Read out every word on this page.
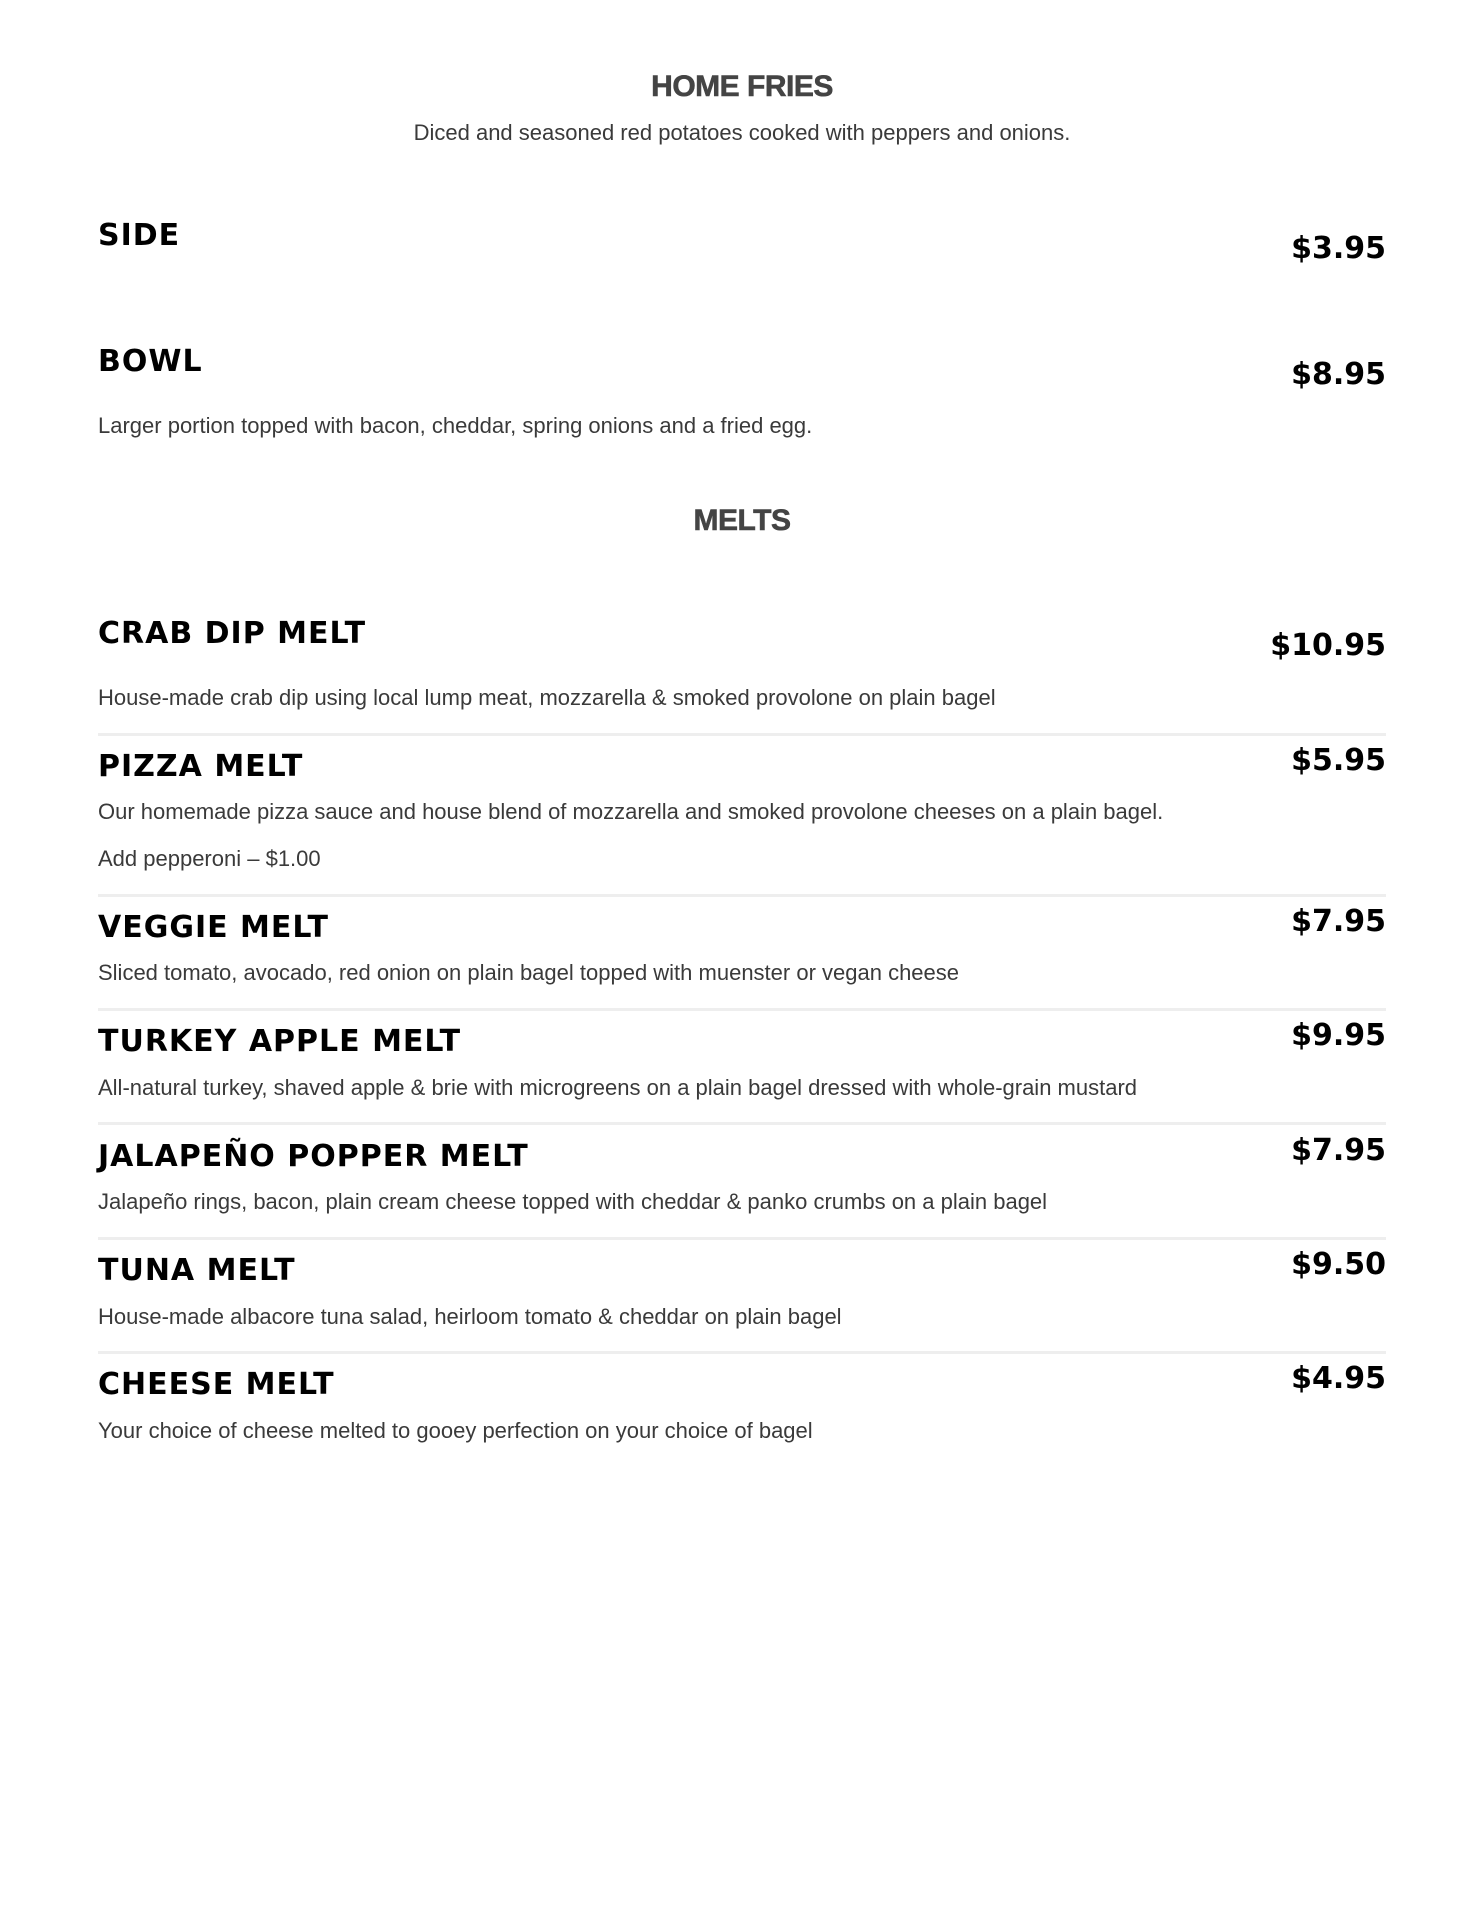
HOME FRIES
Diced and seasoned red potatoes cooked with peppers and onions.
SIDE	$3.95
BOWL	$8.95
Larger portion topped with bacon, cheddar, spring onions and a fried egg.
MELTS
CRAB DIP MELT	$10.95
House-made crab dip using local lump meat, mozzarella & smoked provolone on plain bagel
PIZZA MELT	$5.95
Our homemade pizza sauce and house blend of mozzarella and smoked provolone cheeses on a plain bagel.
Add pepperoni – $1.00
VEGGIE MELT	$7.95
Sliced tomato, avocado, red onion on plain bagel topped with muenster or vegan cheese
TURKEY APPLE MELT	$9.95
All-natural turkey, shaved apple & brie with microgreens on a plain bagel dressed with whole-grain mustard
JALAPEÑO POPPER MELT	$7.95
Jalapeño rings, bacon, plain cream cheese topped with cheddar & panko crumbs on a plain bagel
TUNA MELT	$9.50
House-made albacore tuna salad, heirloom tomato & cheddar on plain bagel
CHEESE MELT	$4.95
Your choice of cheese melted to gooey perfection on your choice of bagel
